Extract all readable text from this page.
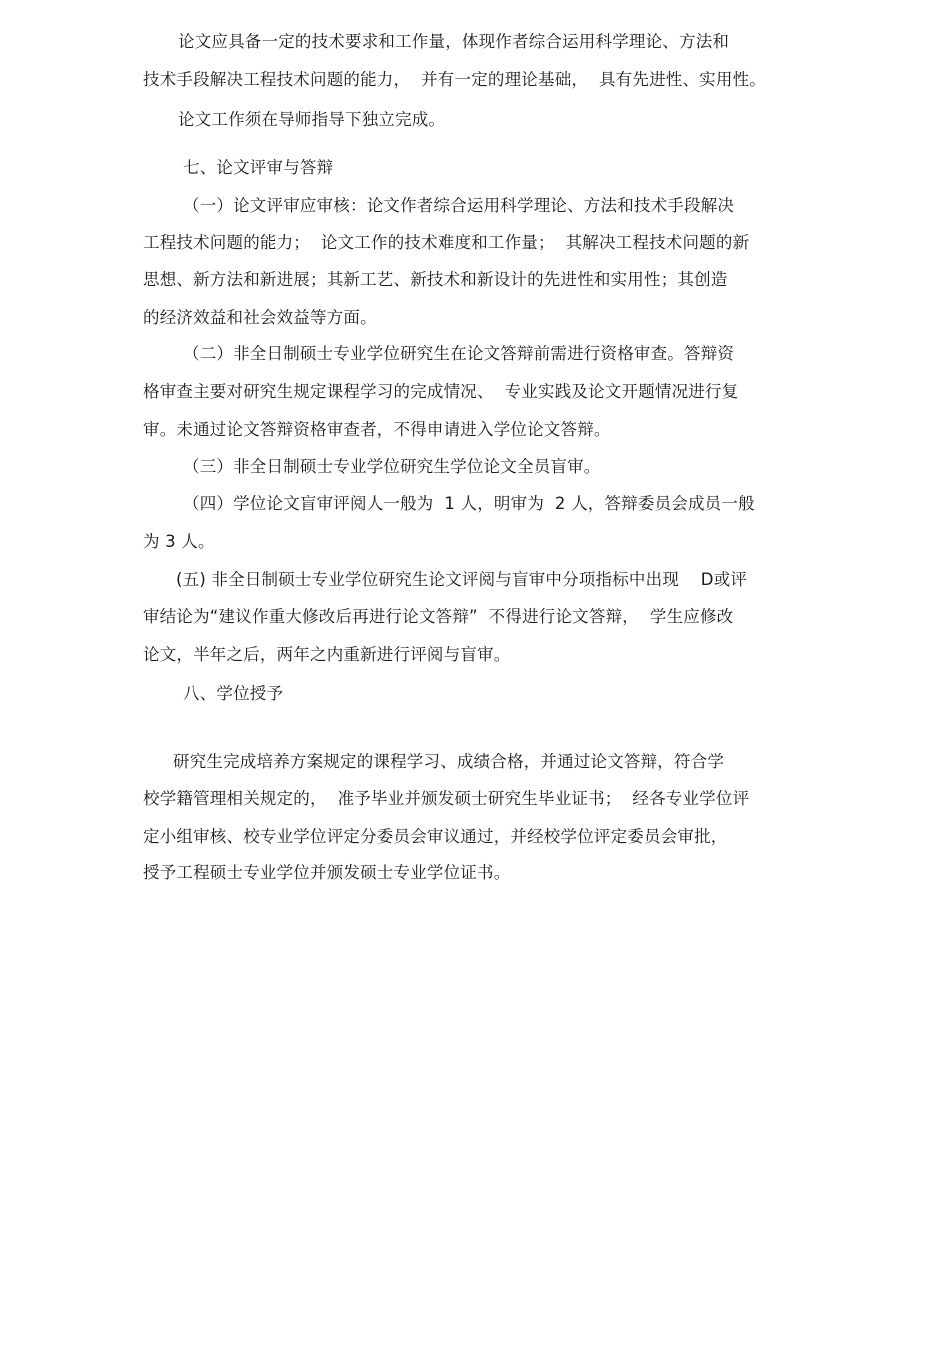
论文应具备一定的技术要求和工作量，体现作者综合运用科学理论、方法和
技术手段解决工程技术问题的能力，  并有一定的理论基础，  具有先进性、实用性。
论文工作须在导师指导下独立完成。
七、论文评审与答辩
（一）论文评审应审核：论文作者综合运用科学理论、方法和技术手段解决
工程技术问题的能力；  论文工作的技术难度和工作量；  其解决工程技术问题的新
思想、新方法和新进展；其新工艺、新技术和新设计的先进性和实用性；其创造
的经济效益和社会效益等方面。
（二）非全日制硕士专业学位研究生在论文答辩前需进行资格审查。答辩资
格审查主要对研究生规定课程学习的完成情况、  专业实践及论文开题情况进行复
审。未通过论文答辩资格审查者，不得申请进入学位论文答辩。
（三）非全日制硕士专业学位研究生学位论文全员盲审。
（四）学位论文盲审评阅人一般为  1 人，明审为  2 人，答辩委员会成员一般
为 3 人。
(五) 非全日制硕士专业学位研究生论文评阅与盲审中分项指标中出现    D或评
审结论为“建议作重大修改后再进行论文答辩”  不得进行论文答辩，  学生应修改
论文，半年之后，两年之内重新进行评阅与盲审。
八、学位授予
研究生完成培养方案规定的课程学习、成绩合格，并通过论文答辩，符合学
校学籍管理相关规定的，  准予毕业并颁发硕士研究生毕业证书；  经各专业学位评
定小组审核、校专业学位评定分委员会审议通过，并经校学位评定委员会审批，
授予工程硕士专业学位并颁发硕士专业学位证书。
